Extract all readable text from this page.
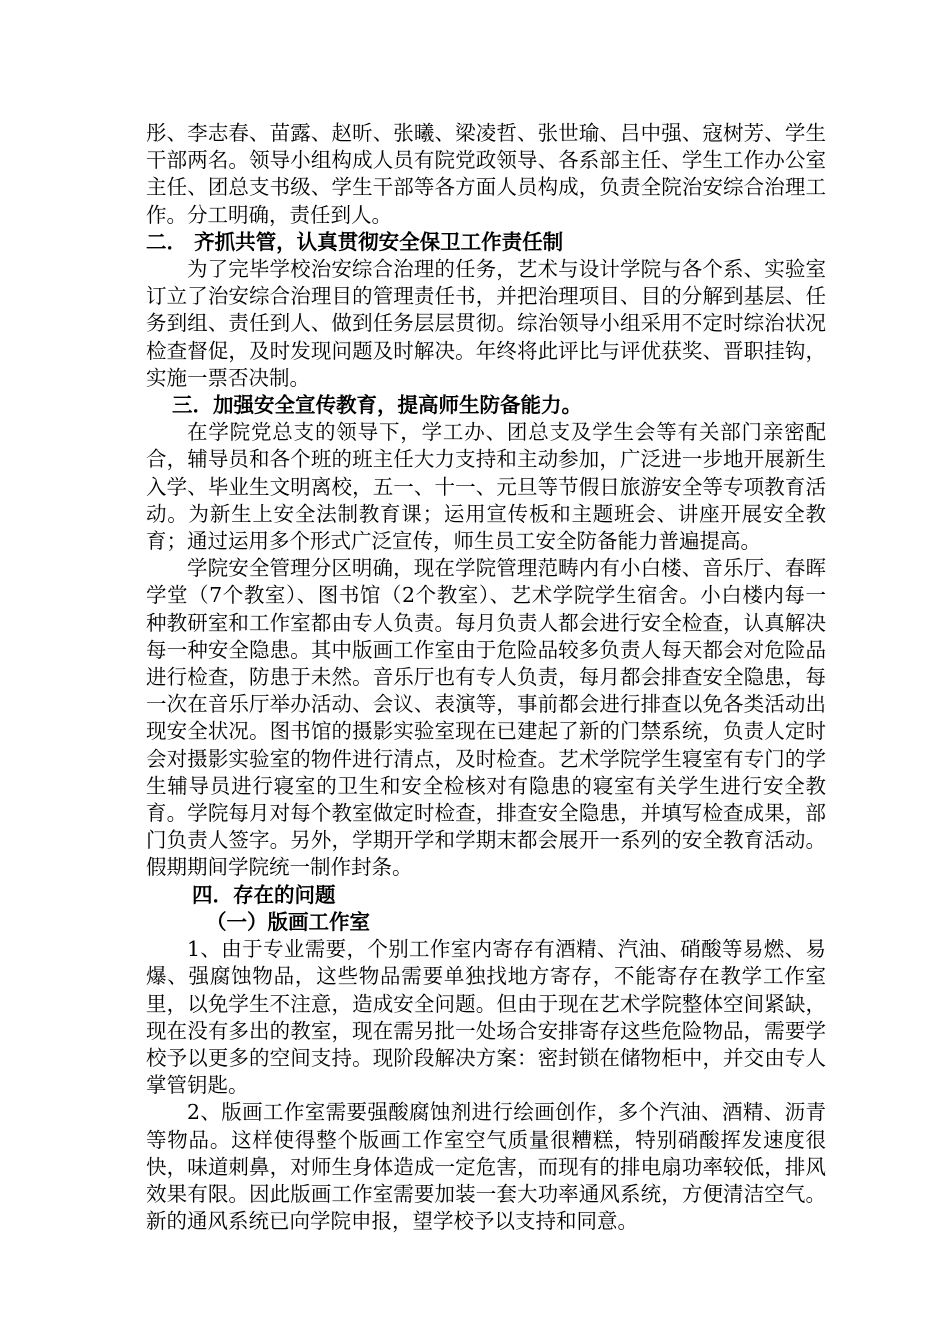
彤、李志春、苗露、赵昕、张曦、梁凌哲、张世瑜、吕中强、寇树芳、学生干部两名。领导小组构成人员有院党政领导、各系部主任、学生工作办公室主任、团总支书级、学生干部等各方面人员构成，负责全院治安综合治理工作。分工明确，责任到人。

二． 齐抓共管，认真贯彻安全保卫工作责任制

为了完毕学校治安综合治理的任务，艺术与设计学院与各个系、实验室订立了治安综合治理目的管理责任书，并把治理项目、目的分解到基层、任务到组、责任到人、做到任务层层贯彻。综治领导小组采用不定时综治状况检查督促，及时发现问题及时解决。年终将此评比与评优获奖、晋职挂钩，实施一票否决制。

三．加强安全宣传教育，提高师生防备能力。

在学院党总支的领导下，学工办、团总支及学生会等有关部门亲密配合，辅导员和各个班的班主任大力支持和主动参加，广泛进一步地开展新生入学、毕业生文明离校，五一、十一、元旦等节假日旅游安全等专项教育活动。为新生上安全法制教育课；运用宣传板和主题班会、讲座开展安全教育；通过运用多个形式广泛宣传，师生员工安全防备能力普遍提高。

学院安全管理分区明确，现在学院管理范畴内有小白楼、音乐厅、春晖学堂（7个教室）、图书馆（2个教室）、艺术学院学生宿舍。小白楼内每一种教研室和工作室都由专人负责。每月负责人都会进行安全检查，认真解决每一种安全隐患。其中版画工作室由于危险品较多负责人每天都会对危险品进行检查，防患于未然。音乐厅也有专人负责，每月都会排查安全隐患，每一次在音乐厅举办活动、会议、表演等，事前都会进行排查以免各类活动出现安全状况。图书馆的摄影实验室现在已建起了新的门禁系统，负责人定时会对摄影实验室的物件进行清点，及时检查。艺术学院学生寝室有专门的学生辅导员进行寝室的卫生和安全检核对有隐患的寝室有关学生进行安全教育。学院每月对每个教室做定时检查，排查安全隐患，并填写检查成果，部门负责人签字。另外，学期开学和学期末都会展开一系列的安全教育活动。假期期间学院统一制作封条。

四．存在的问题

（一）版画工作室

1、由于专业需要，个别工作室内寄存有酒精、汽油、硝酸等易燃、易爆、强腐蚀物品，这些物品需要单独找地方寄存，不能寄存在教学工作室里，以免学生不注意，造成安全问题。但由于现在艺术学院整体空间紧缺，现在没有多出的教室，现在需另批一处场合安排寄存这些危险物品，需要学校予以更多的空间支持。现阶段解决方案：密封锁在储物柜中，并交由专人掌管钥匙。

2、版画工作室需要强酸腐蚀剂进行绘画创作，多个汽油、酒精、沥青等物品。这样使得整个版画工作室空气质量很糟糕，特别硝酸挥发速度很快，味道刺鼻，对师生身体造成一定危害，而现有的排电扇功率较低，排风效果有限。因此版画工作室需要加装一套大功率通风系统，方便清洁空气。新的通风系统已向学院申报，望学校予以支持和同意。
